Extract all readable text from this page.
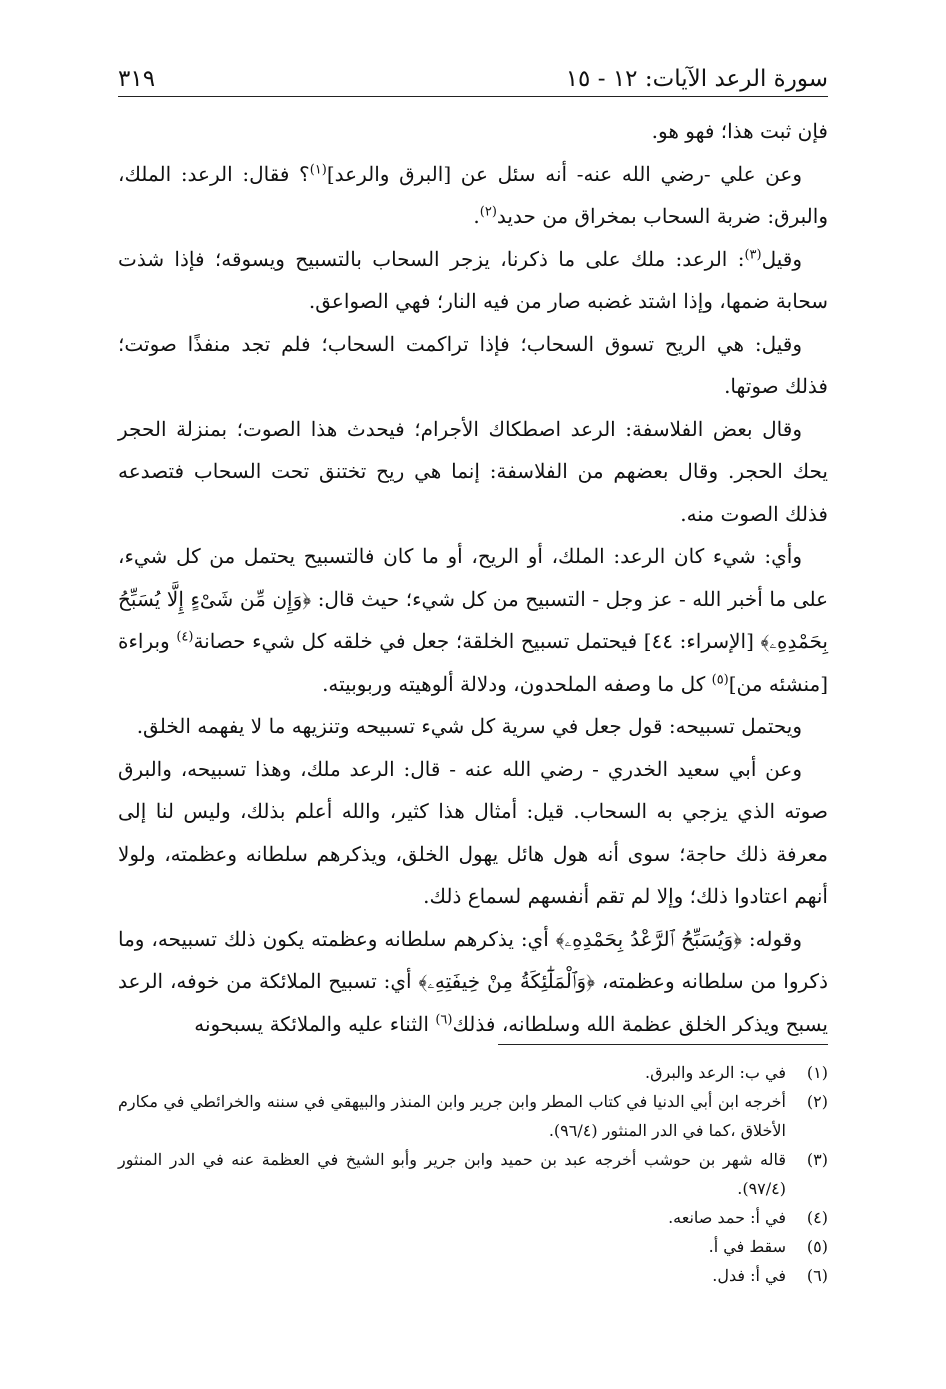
سورة الرعد الآيات: ١٢ - ١٥
٣١٩

فإن ثبت هذا؛ فهو هو.

وعن علي -رضي الله عنه- أنه سئل عن [البرق والرعد]$^{(١)}$؟ فقال: الرعد: الملك، والبرق: ضربة السحاب بمخراق من حديد$^{(٢)}$.

وقيل$^{(٣)}$: الرعد: ملك على ما ذكرنا، يزجر السحاب بالتسبيح ويسوقه؛ فإذا شذت سحابة ضمها، وإذا اشتد غضبه صار من فيه النار؛ فهي الصواعق.

وقيل: هي الريح تسوق السحاب؛ فإذا تراكمت السحاب؛ فلم تجد منفذًا صوتت؛ فذلك صوتها.

وقال بعض الفلاسفة: الرعد اصطكاك الأجرام؛ فيحدث هذا الصوت؛ بمنزلة الحجر يحك الحجر. وقال بعضهم من الفلاسفة: إنما هي ريح تختنق تحت السحاب فتصدعه فذلك الصوت منه.

وأي: شيء كان الرعد: الملك، أو الريح، أو ما كان فالتسبيح يحتمل من كل شيء، على ما أخبر الله - عز وجل - التسبيح من كل شيء؛ حيث قال: ﴿وَإِن مِّن شَىْءٍ إِلَّا يُسَبِّحُ بِحَمْدِهِۦ﴾ [الإسراء: ٤٤] فيحتمل تسبيح الخلقة؛ جعل في خلقه كل شيء حصانة$^{(٤)}$ وبراءة [منشئه من]$^{(٥)}$ كل ما وصفه الملحدون، ودلالة ألوهيته وربوبيته.

ويحتمل تسبيحه: قول جعل في سرية كل شيء تسبيحه وتنزيهه ما لا يفهمه الخلق.

وعن أبي سعيد الخدري - رضي الله عنه - قال: الرعد ملك، وهذا تسبيحه، والبرق صوته الذي يزجي به السحاب. قيل: أمثال هذا كثير، والله أعلم بذلك، وليس لنا إلى معرفة ذلك حاجة؛ سوى أنه هول هائل يهول الخلق، ويذكرهم سلطانه وعظمته، ولولا أنهم اعتادوا ذلك؛ وإلا لم تقم أنفسهم لسماع ذلك.

وقوله: ﴿وَيُسَبِّحُ ٱلرَّعْدُ بِحَمْدِهِۦ﴾ أي: يذكرهم سلطانه وعظمته يكون ذلك تسبيحه، وما ذكروا من سلطانه وعظمته، ﴿وَٱلْمَلَٰٓئِكَةُ مِنْ خِيفَتِهِۦ﴾ أي: تسبيح الملائكة من خوفه، الرعد يسبح ويذكر الخلق عظمة الله وسلطانه، فذلك$^{(٦)}$ الثناء عليه والملائكة يسبحونه

(١)
في ب: الرعد والبرق.
(٢)
أخرجه ابن أبي الدنيا في كتاب المطر وابن جرير وابن المنذر والبيهقي في سننه والخرائطي في مكارم الأخلاق ،كما في الدر المنثور (٩٦/٤).
(٣)
قاله شهر بن حوشب أخرجه عبد بن حميد وابن جرير وأبو الشيخ في العظمة عنه في الدر المنثور (٩٧/٤).
(٤)
في أ: حمد صانعه.
(٥)
سقط في أ.
(٦)
في أ: فدل.
